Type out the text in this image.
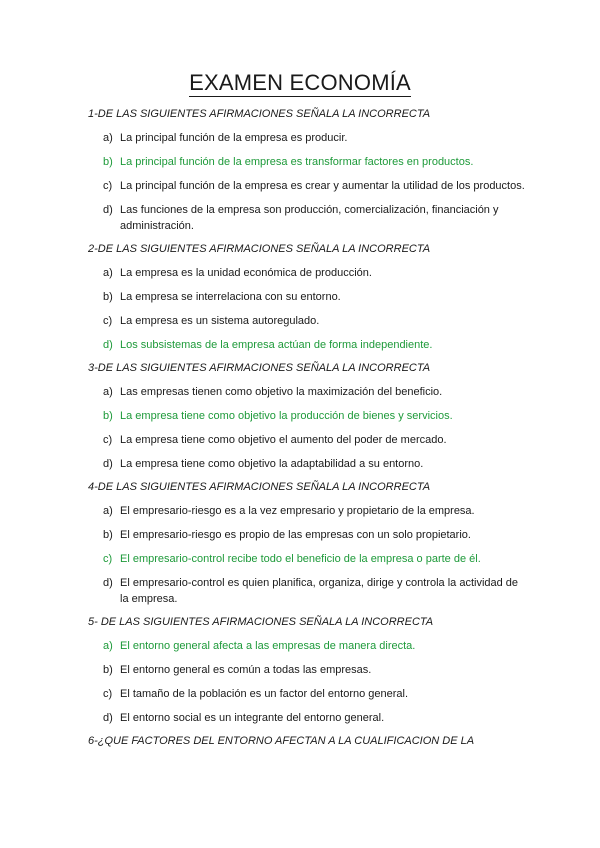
EXAMEN ECONOMÍA

1-DE LAS SIGUIENTES AFIRMACIONES SEÑALA LA INCORRECTA

a) La principal función de la empresa es producir.
b) La principal función de la empresa es transformar factores en productos.
c) La principal función de la empresa es crear y aumentar la utilidad de los productos.
d) Las funciones de la empresa son producción, comercialización, financiación y administración.

2-DE LAS SIGUIENTES AFIRMACIONES SEÑALA LA INCORRECTA

a) La empresa es la unidad económica de producción.
b) La empresa se interrelaciona con su entorno.
c) La empresa es un sistema autoregulado.
d) Los subsistemas de la empresa actúan de forma independiente.

3-DE LAS SIGUIENTES AFIRMACIONES SEÑALA LA INCORRECTA

a) Las empresas tienen como objetivo la maximización del beneficio.
b) La empresa tiene como objetivo la producción de bienes y servicios.
c) La empresa tiene como objetivo el aumento del poder de mercado.
d) La empresa tiene como objetivo la adaptabilidad a su entorno.

4-DE LAS SIGUIENTES AFIRMACIONES SEÑALA LA INCORRECTA

a) El empresario-riesgo es a la vez empresario y propietario de la empresa.
b) El empresario-riesgo es propio de las empresas con un solo propietario.
c) El empresario-control recibe todo el beneficio de la empresa o parte de él.
d) El empresario-control es quien planifica, organiza, dirige y controla la actividad de la empresa.

5- DE LAS SIGUIENTES AFIRMACIONES SEÑALA LA INCORRECTA

a) El entorno general afecta a las empresas de manera directa.
b) El entorno general es común a todas las empresas.
c) El tamaño de la población es un factor del entorno general.
d) El entorno social es un integrante del entorno general.

6-¿QUE FACTORES DEL ENTORNO AFECTAN A LA CUALIFICACION DE LA
